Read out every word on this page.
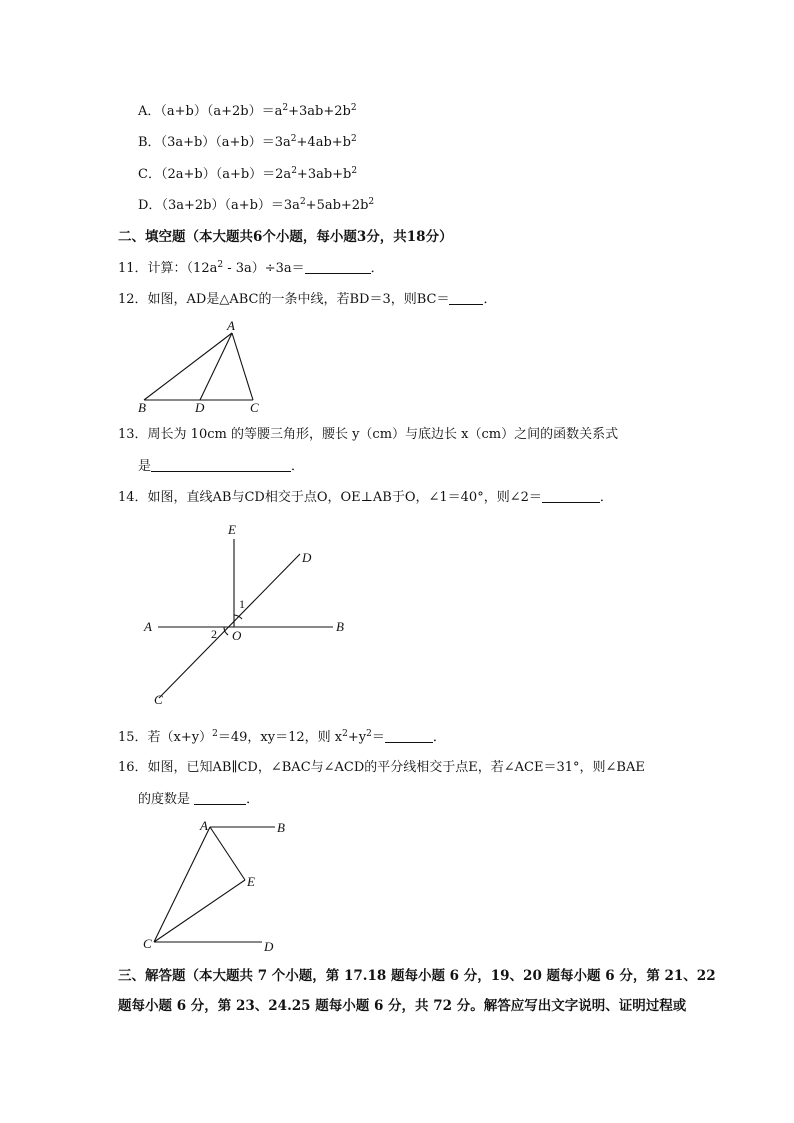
A．$(a+b)(a+2b)=a^2+3ab+2b^2$
B．$(3a+b)(a+b)=3a^2+4ab+b^2$
C．$(2a+b)(a+b)=2a^2+3ab+b^2$
D．$(3a+2b)(a+b)=3a^2+5ab+2b^2$
二、填空题（本大题共6个小题，每小题3分，共18分）
11．计算：$(12a^2 - 3a)\div 3a=$	．
12．如图，AD是△ABC的一条中线，若BD＝3，则BC＝	．
A
B	D	C
13．周长为 10cm 的等腰三角形，腰长 y（cm）与底边长 x（cm）之间的函数关系式
是	．
14．如图，直线AB与CD相交于点O，OE⊥AB于O，∠1＝40°，则∠2＝	．
E
D
A	B
O
C
1
2
15．若$(x+y)^2=49$，xy＝12，则 $x^2+y^2=$	．
16．如图，已知AB∥CD，∠BAC与∠ACD的平分线相交于点E，若∠ACE＝31°，则∠BAE
的度数是	．
A	B
E
C	D
三、解答题（本大题共 7 个小题，第 17.18 题每小题 6 分，19、20 题每小题 6 分，第 21、22
题每小题 6 分，第 23、24.25 题每小题 6 分，共 72 分。解答应写出文字说明、证明过程或
